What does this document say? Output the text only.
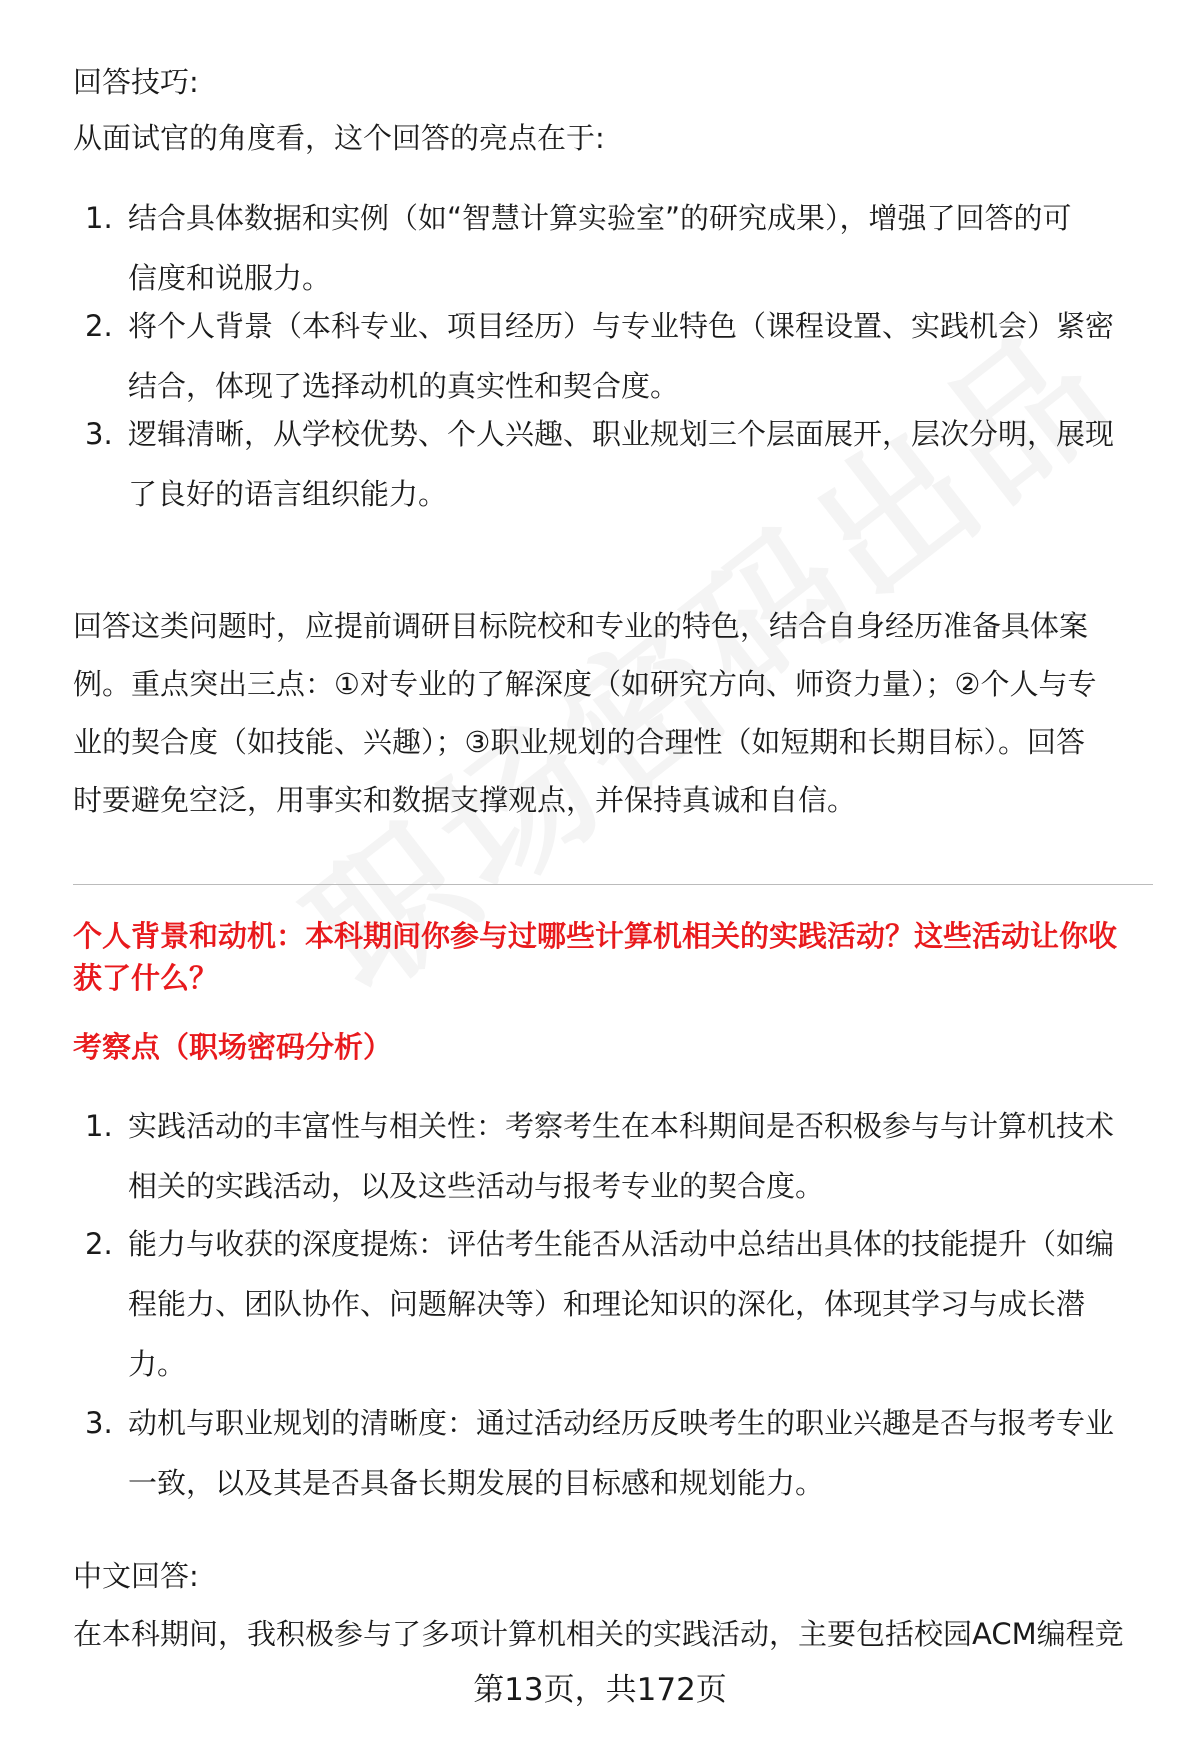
回答技巧:
从面试官的角度看，这个回答的亮点在于:
1. 结合具体数据和实例（如“智慧计算实验室”的研究成果），增强了回答的可
信度和说服力。
2. 将个人背景（本科专业、项目经历）与专业特色（课程设置、实践机会）紧密
结合，体现了选择动机的真实性和契合度。
3. 逻辑清晰，从学校优势、个人兴趣、职业规划三个层面展开，层次分明，展现
了良好的语言组织能力。
回答这类问题时，应提前调研目标院校和专业的特色，结合自身经历准备具体案
例。重点突出三点：①对专业的了解深度（如研究方向、师资力量）；②个人与专
业的契合度（如技能、兴趣）；③职业规划的合理性（如短期和长期目标）。回答
时要避免空泛，用事实和数据支撑观点，并保持真诚和自信。
个人背景和动机：本科期间你参与过哪些计算机相关的实践活动？这些活动让你收
获了什么？
考察点（职场密码分析）
1. 实践活动的丰富性与相关性：考察考生在本科期间是否积极参与与计算机技术
相关的实践活动，以及这些活动与报考专业的契合度。
2. 能力与收获的深度提炼：评估考生能否从活动中总结出具体的技能提升（如编
程能力、团队协作、问题解决等）和理论知识的深化，体现其学习与成长潜
力。
3. 动机与职业规划的清晰度：通过活动经历反映考生的职业兴趣是否与报考专业
一致，以及其是否具备长期发展的目标感和规划能力。
中文回答:
在本科期间，我积极参与了多项计算机相关的实践活动，主要包括校园ACM编程竞
第13页，共172页
